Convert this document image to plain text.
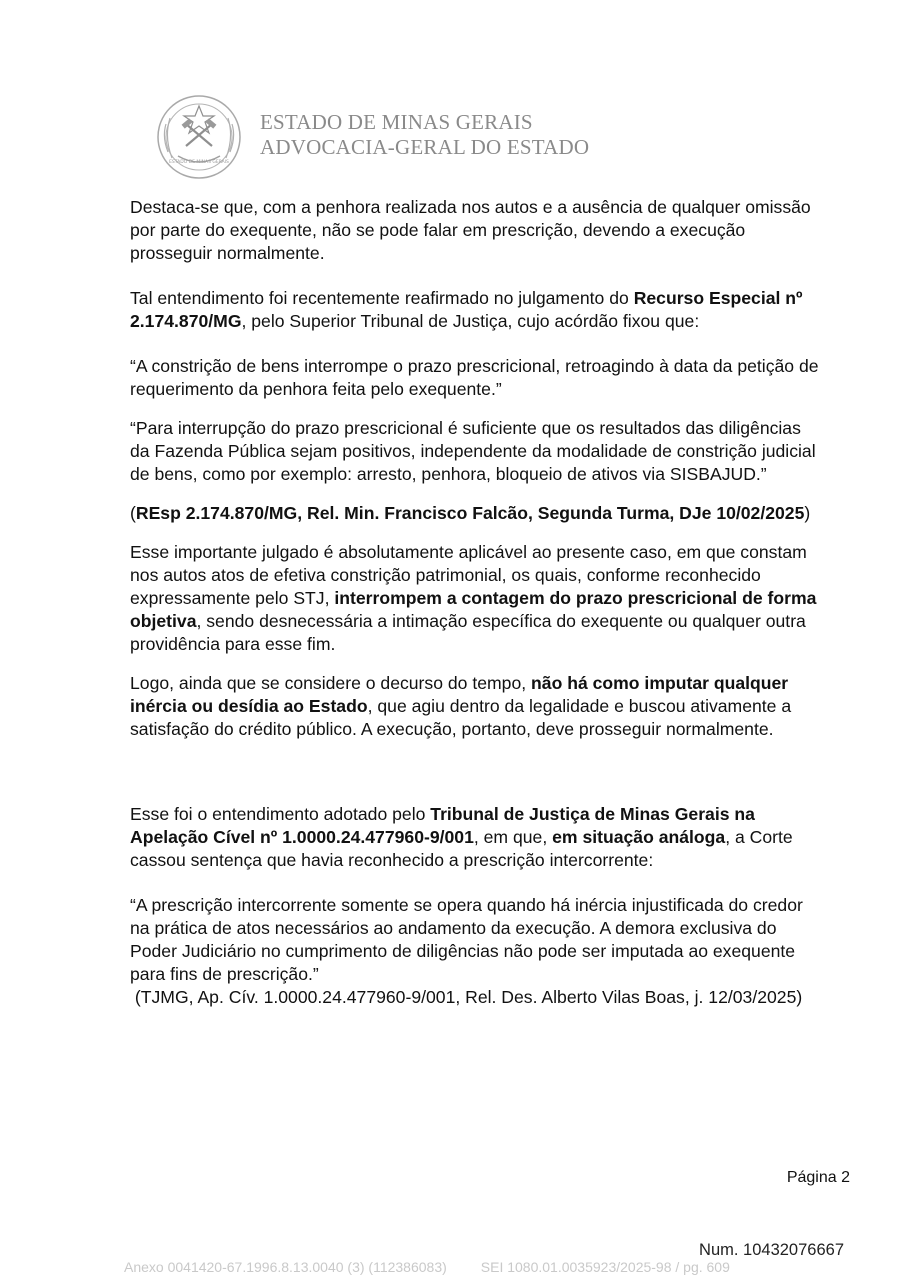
ESTADO DE MINAS GERAIS
ESTADO DE MINAS GERAIS
ADVOCACIA-GERAL DO ESTADO

Destaca-se que, com a penhora realizada nos autos e a ausência de qualquer omissão por parte do exequente, não se pode falar em prescrição, devendo a execução prosseguir normalmente.

Tal entendimento foi recentemente reafirmado no julgamento do Recurso Especial nº 2.174.870/MG, pelo Superior Tribunal de Justiça, cujo acórdão fixou que:

“A constrição de bens interrompe o prazo prescricional, retroagindo à data da petição de requerimento da penhora feita pelo exequente.”

“Para interrupção do prazo prescricional é suficiente que os resultados das diligências da Fazenda Pública sejam positivos, independente da modalidade de constrição judicial de bens, como por exemplo: arresto, penhora, bloqueio de ativos via SISBAJUD.”

(REsp 2.174.870/MG, Rel. Min. Francisco Falcão, Segunda Turma, DJe 10/02/2025)

Esse importante julgado é absolutamente aplicável ao presente caso, em que constam nos autos atos de efetiva constrição patrimonial, os quais, conforme reconhecido expressamente pelo STJ, interrompem a contagem do prazo prescricional de forma objetiva, sendo desnecessária a intimação específica do exequente ou qualquer outra providência para esse fim.

Logo, ainda que se considere o decurso do tempo, não há como imputar qualquer inércia ou desídia ao Estado, que agiu dentro da legalidade e buscou ativamente a satisfação do crédito público. A execução, portanto, deve prosseguir normalmente.

Esse foi o entendimento adotado pelo Tribunal de Justiça de Minas Gerais na Apelação Cível nº 1.0000.24.477960-9/001, em que, em situação análoga, a Corte cassou sentença que havia reconhecido a prescrição intercorrente:

“A prescrição intercorrente somente se opera quando há inércia injustificada do credor na prática de atos necessários ao andamento da execução. A demora exclusiva do Poder Judiciário no cumprimento de diligências não pode ser imputada ao exequente para fins de prescrição.”
(TJMG, Ap. Cív. 1.0000.24.477960-9/001, Rel. Des. Alberto Vilas Boas, j. 12/03/2025)

Página 2
Num. 10432076667
Anexo 0041420-67.1996.8.13.0040 (3) (112386083) SEI 1080.01.0035923/2025-98 / pg. 609
